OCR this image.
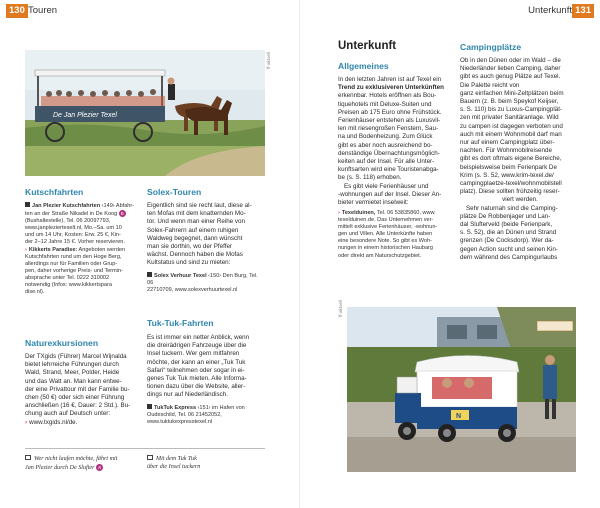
130 Touren
De Jan Plezier Texel
ff-aktuell
Kutschfahrten
Jan Plezier Kutschfahrten ‹149› Abfahr-
ten an der Straße Nikadel in De Koog B
(Bushaltestelle), Tel. 06 20097793,
www.janplezierteselt.nl, Mo.–Sa. um 10
und um 14 Uhr, Kosten: Erw. 25 €, Kin-
der 2–12 Jahre 15 €. Vorher reservieren.
› Kikkerts Paradise: Angeboten werden
Kutschfahrten rund um den Hoge Berg,
allerdings nur für Familien oder Grup-
pen, daher vorherige Preis- und Termin-
absprache unter Tel. 0222 310002
notwendig (Infos: www.kikkertspara
dise.nl).
Naturexkursionen
Der TXgids (Führer) Marcel Wijnalda
bietet lehrreiche Führungen durch
Wald, Strand, Meer, Polder, Heide
und das Watt an. Man kann entwe-
der eine Privattour mit der Familie bu-
chen (50 €) oder sich einer Führung
anschließen (16 €, Dauer: 2 Std.). Bu-
chung auch auf Deutsch unter:
› www.txgids.nl/de.
Solex-Touren
Eigentlich sind sie recht laut, diese al-
ten Mofas mit dem knatternden Mo-
tor. Und wenn man einer Reihe von
Solex-Fahrern auf einem ruhigen
Waldweg begegnet, dann wünscht
man sie dorthin, wo der Pfeffer
wächst. Dennoch haben die Mofas
Kultstatus und sind zu mieten:
Solex Verhuur Texel ‹150› Den Burg, Tel. 06
22710709, www.solexverhuurtexel.nl
Tuk-Tuk-Fahrten
Es ist immer ein netter Anblick, wenn
die dreirädrigen Fahrzeuge über die
Insel tuckern. Wer gern mitfahren
möchte, der kann an einer „Tuk Tuk
Safari“ teilnehmen oder sogar in ei-
genes Tuk Tuk mieten. Alle Informa-
tionen dazu über die Website, aller-
dings nur auf Niederländisch.
TukTuk Express ‹151› im Hafen von
Oudeschild, Tel. 06 21452052,
www.tuktukexpresstexel.nl
Wer nicht laufen möchte, fährt mit
Jan Plezier durch De Slufter B
Mit dem Tuk Tuk
über die Insel tuckern
Unterkunft 131
Unterkunft
Allgemeines
In den letzten Jahren ist auf Texel ein
Trend zu exklusiveren Unterkünften
erkennbar. Hotels eröffnen als Bou-
tiquehotels mit Deluxe-Suiten und
Preisen ab 175 Euro ohne Frühstück.
Ferienhäuser entstehen als Luxusvil-
len mit riesengroßen Fenstern, Sau-
na und Bodenheizung. Zum Glück
gibt es aber noch ausreichend bo-
denständige Übernachtungsmöglich-
keiten auf der Insel. Für alle Unter-
kunftsarten wird eine Touristenabga-
be (s. S. 118) erhoben.
Es gibt viele Ferienhäuser und
-wohnungen auf der Insel. Dieser An-
bieter vermietet inselweit:
› Texelduinen, Tel. 06 53835860, www.
texelduinen.de. Das Unternehmen ver-
mittelt exklusive Ferienhäuser, -wohnun-
gen und Villen. Alle Unterkünfte haben
eine besondere Note. So gibt es Woh-
nungen in einem historischen Haubarg
oder direkt am Naturschutzgebiet.
Campingplätze
Ob in den Dünen oder im Wald – die
Niederländer lieben Camping, daher
gibt es auch genug Plätze auf Texel.
Die Palette reicht von
ganz einfachen Mini-Zeltplätzen beim
Bauern (z. B. beim Speykof Keijser,
s. S. 110) bis zu Luxus-Campingplät-
zen mit privater Sanitäranlage. Wild
zu campen ist dagegen verboten und
auch mit einem Wohnmobil darf man
nur auf einem Campingplatz über-
nachten. Für Wohnmobilreisende
gibt es dort oftmals eigene Bereiche,
beispielsweise beim Ferienpark De
Krim (s. S. 52, www.krim-texel.de/
campingplaetze-texel/wohnmobilstell
platz). Diese sollten frühzeitig reser-
viert werden.
Sehr naturnah sind die Camping-
plätze De Robbenjager und Lan-
dal Slufterveld (beide Ferienpark,
s. S. 52), die an Dünen und Strand
grenzen (De Cocksdorp). Wer da-
gegen Action sucht und seinen Kin-
dern während des Campingurlaubs
N
ff-aktuell
